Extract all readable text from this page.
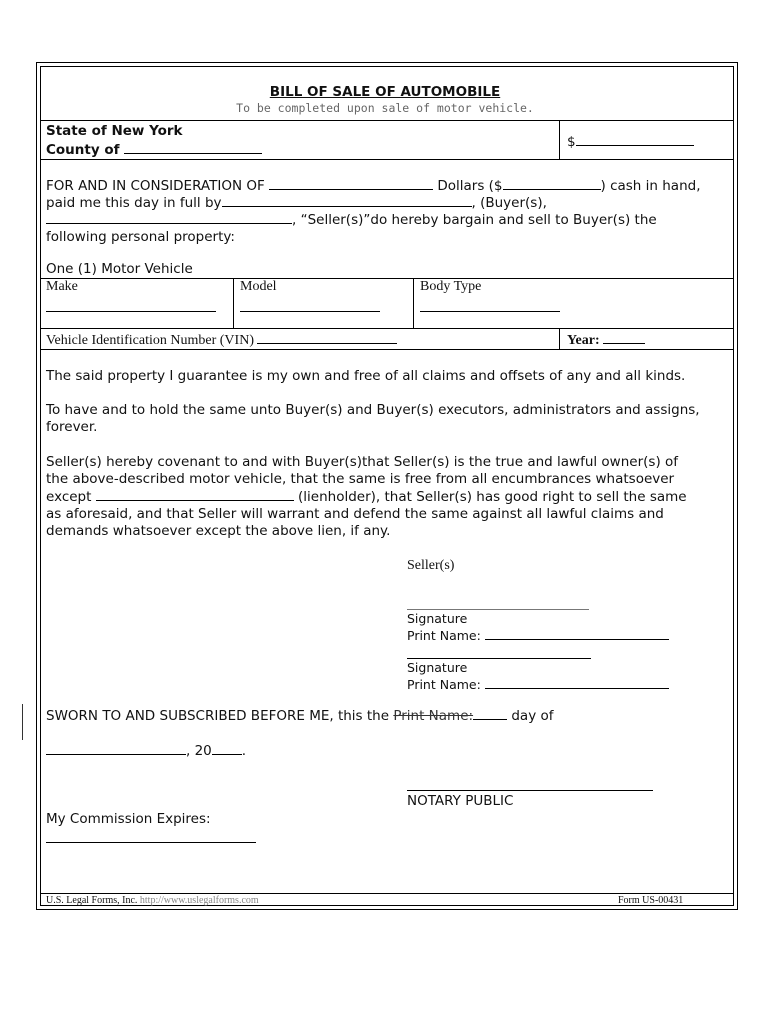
BILL OF SALE OF AUTOMOBILE
To be completed upon sale of motor vehicle.
State of New York
County of	$
FOR AND IN CONSIDERATION OF	Dollars ($	) cash in hand,
paid me this day in full by	, (Buyer(s),
, “Seller(s)”do hereby bargain and sell to Buyer(s) the
following personal property:
One (1) Motor Vehicle
Make	Model	Body Type
Vehicle Identification Number (VIN)	Year:
The said property I guarantee is my own and free of all claims and offsets of any and all kinds.
To have and to hold the same unto Buyer(s) and Buyer(s) executors, administrators and assigns,
forever.
Seller(s) hereby covenant to and with Buyer(s)that Seller(s) is the true and lawful owner(s) of
the above-described motor vehicle, that the same is free from all encumbrances whatsoever
except	(lienholder), that Seller(s) has good right to sell the same
as aforesaid, and that Seller will warrant and defend the same against all lawful claims and
demands whatsoever except the above lien, if any.
Seller(s)
Signature
Print Name:
Signature
Print Name:
SWORN TO AND SUBSCRIBED BEFORE ME, this the Print Name:	day of
, 20 .
NOTARY PUBLIC
My Commission Expires:
U.S. Legal Forms, Inc. http://www.uslegalforms.com	Form US-00431
